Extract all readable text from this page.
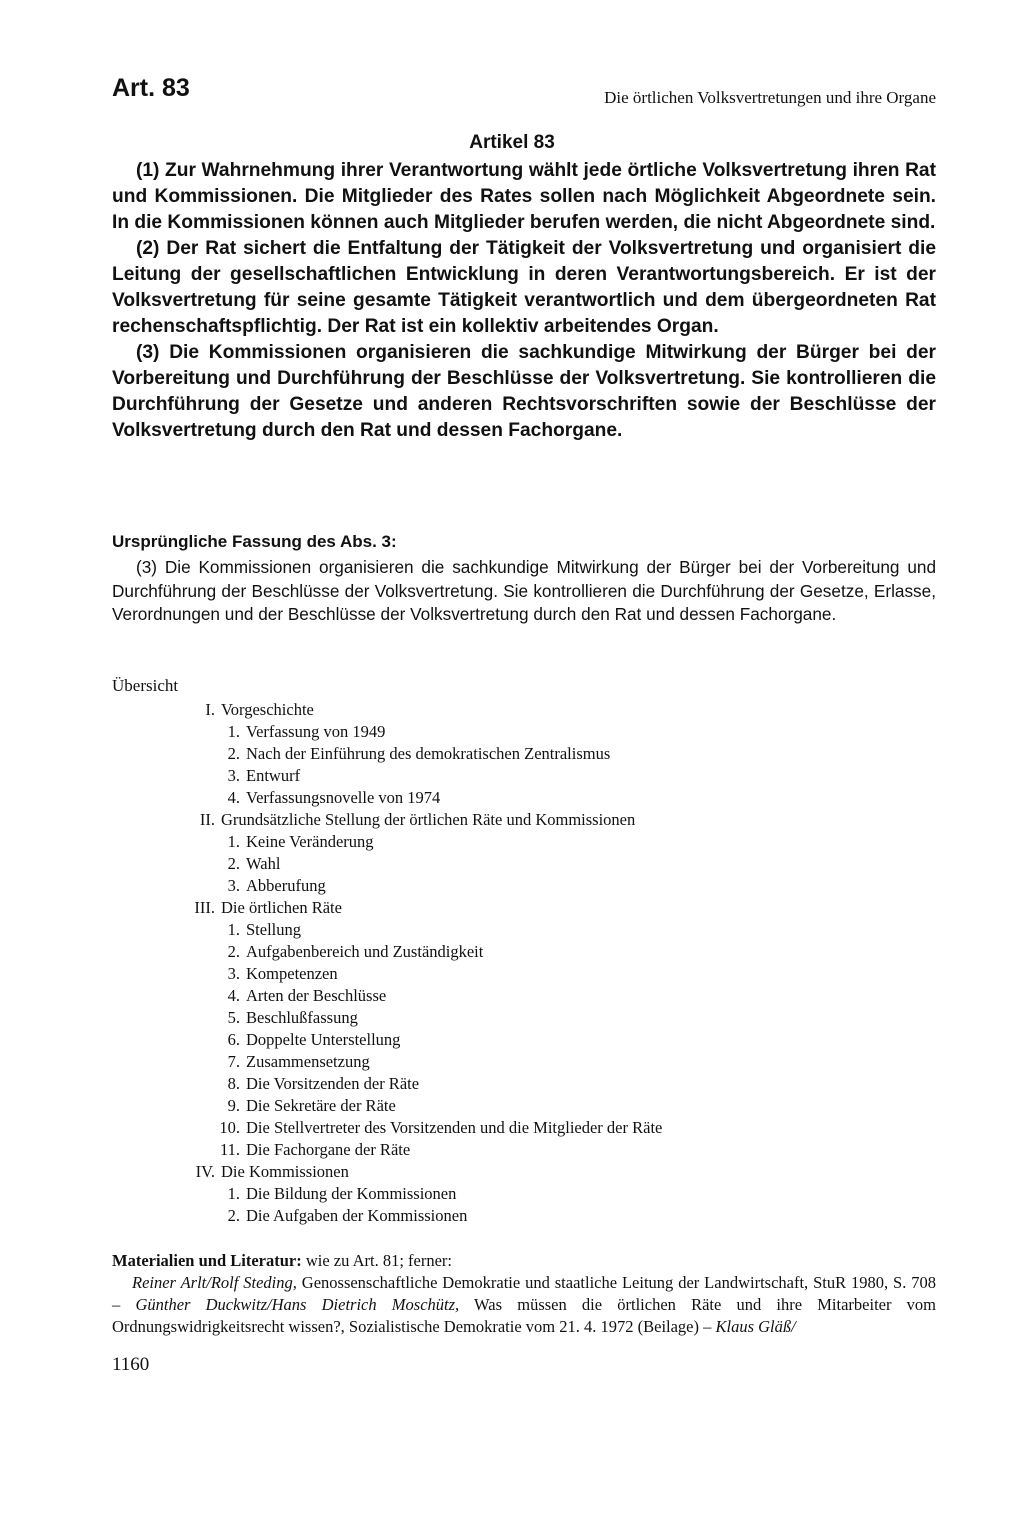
Art. 83	Die örtlichen Volksvertretungen und ihre Organe
Artikel 83

(1) Zur Wahrnehmung ihrer Verantwortung wählt jede örtliche Volksvertretung ihren Rat und Kommissionen. Die Mitglieder des Rates sollen nach Möglichkeit Abgeordnete sein. In die Kommissionen können auch Mitglieder berufen werden, die nicht Abgeordnete sind.

(2) Der Rat sichert die Entfaltung der Tätigkeit der Volksvertretung und organisiert die Leitung der gesellschaftlichen Entwicklung in deren Verantwortungsbereich. Er ist der Volksvertretung für seine gesamte Tätigkeit verantwortlich und dem übergeordneten Rat rechenschaftspflichtig. Der Rat ist ein kollektiv arbeitendes Organ.

(3) Die Kommissionen organisieren die sachkundige Mitwirkung der Bürger bei der Vorbereitung und Durchführung der Beschlüsse der Volksvertretung. Sie kontrollieren die Durchführung der Gesetze und anderen Rechtsvorschriften sowie der Beschlüsse der Volksvertretung durch den Rat und dessen Fachorgane.

Ursprüngliche Fassung des Abs. 3:

(3) Die Kommissionen organisieren die sachkundige Mitwirkung der Bürger bei der Vorbereitung und Durchführung der Beschlüsse der Volksvertretung. Sie kontrollieren die Durchführung der Gesetze, Erlasse, Verordnungen und der Beschlüsse der Volksvertretung durch den Rat und dessen Fachorgane.

Übersicht
I. Vorgeschichte
1. Verfassung von 1949
2. Nach der Einführung des demokratischen Zentralismus
3. Entwurf
4. Verfassungsnovelle von 1974
II. Grundsätzliche Stellung der örtlichen Räte und Kommissionen
1. Keine Veränderung
2. Wahl
3. Abberufung
III. Die örtlichen Räte
1. Stellung
2. Aufgabenbereich und Zuständigkeit
3. Kompetenzen
4. Arten der Beschlüsse
5. Beschlußfassung
6. Doppelte Unterstellung
7. Zusammensetzung
8. Die Vorsitzenden der Räte
9. Die Sekretäre der Räte
10. Die Stellvertreter des Vorsitzenden und die Mitglieder der Räte
11. Die Fachorgane der Räte
IV. Die Kommissionen
1. Die Bildung der Kommissionen
2. Die Aufgaben der Kommissionen

Materialien und Literatur: wie zu Art. 81; ferner:

Reiner Arlt/Rolf Steding, Genossenschaftliche Demokratie und staatliche Leitung der Landwirtschaft, StuR 1980, S. 708 – Günther Duckwitz/Hans Dietrich Moschütz, Was müssen die örtlichen Räte und ihre Mitarbeiter vom Ordnungswidrigkeitsrecht wissen?, Sozialistische Demokratie vom 21. 4. 1972 (Beilage) – Klaus Gläß/

1160
